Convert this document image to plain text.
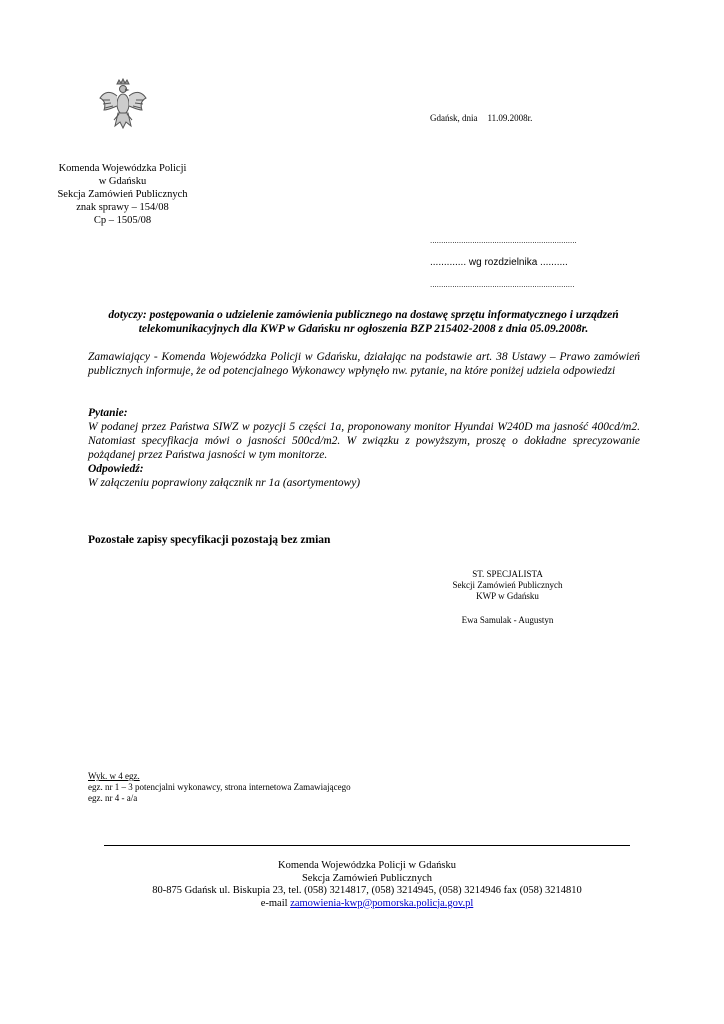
Gdańsk, dnia 11.09.2008r.
Komenda Wojewódzka Policji
w Gdańsku
Sekcja Zamówień Publicznych
znak sprawy – 154/08
Cp – 1505/08
..................................................................
............. wg rozdzielnika ..........
.................................................................
dotyczy: postępowania o udzielenie zamówienia publicznego na dostawę sprzętu informatycznego i urządzeń telekomunikacyjnych dla KWP w Gdańsku nr ogłoszenia BZP 215402-2008 z dnia 05.09.2008r.
Zamawiający - Komenda Wojewódzka Policji w Gdańsku, działając na podstawie art. 38 Ustawy – Prawo zamówień publicznych informuje, że od potencjalnego Wykonawcy wpłynęło nw. pytanie, na które poniżej udziela odpowiedzi
Pytanie:
W podanej przez Państwa SIWZ w pozycji 5 części 1a, proponowany monitor Hyundai W240D ma jasność 400cd/m2. Natomiast specyfikacja mówi o jasności 500cd/m2. W związku z powyższym, proszę o dokładne sprecyzowanie pożądanej przez Państwa jasności w tym monitorze.
Odpowiedź:
W załączeniu poprawiony załącznik nr 1a (asortymentowy)
Pozostałe zapisy specyfikacji pozostają bez zmian
ST. SPECJALISTA
Sekcji Zamówień Publicznych
KWP w Gdańsku
Ewa Samulak - Augustyn
Wyk. w 4 egz.
egz. nr 1 – 3 potencjalni wykonawcy, strona internetowa Zamawiającego
egz. nr 4 - a/a
Komenda Wojewódzka Policji w Gdańsku
Sekcja Zamówień Publicznych
80-875 Gdańsk ul. Biskupia 23, tel. (058) 3214817, (058) 3214945, (058) 3214946 fax (058) 3214810
e-mail zamowienia-kwp@pomorska.policja.gov.pl
